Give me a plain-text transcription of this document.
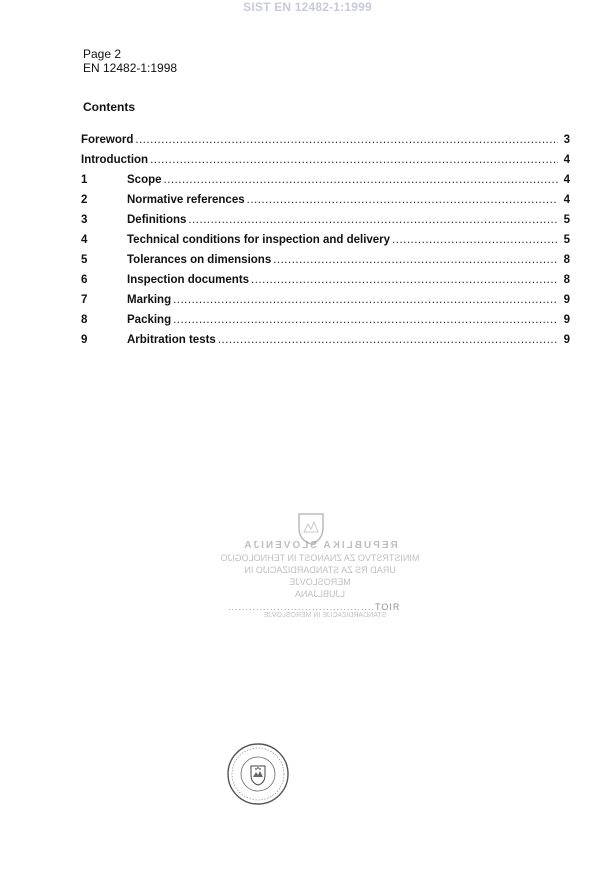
SIST EN 12482-1:1999
Page 2
EN 12482-1:1998
Contents
Foreword .....	3
Introduction .....	4
1	Scope .....	4
2	Normative references .....	4
3	Definitions .....	5
4	Technical conditions for inspection and delivery .....	5
5	Tolerances on dimensions .....	8
6	Inspection documents .....	8
7	Marking .....	9
8	Packing .....	9
9	Arbitration tests .....	9
REPUBLIKA SLOVENIJA
MINISTRSTVO ZA ZNANOST IN TEHNOLOGIJO
URAD RS ZA STANDARDIZACIJO IN MEROSLOVJE
LJUBLJANA
..........................................TOIR
STANDARDIZACIJE IN MEROSLOVJE
